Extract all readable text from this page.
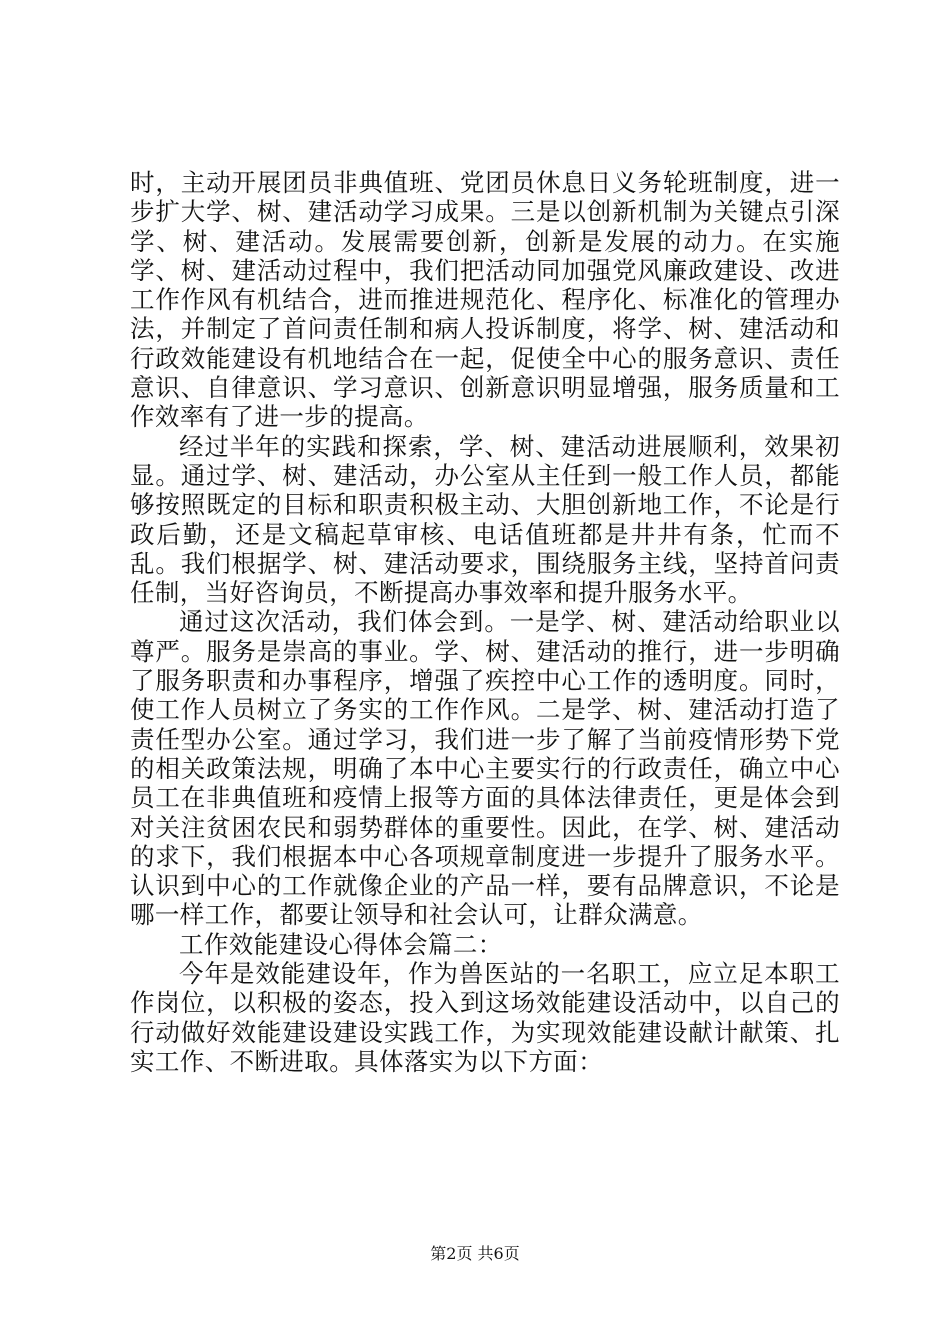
时，主动开展团员非典值班、党团员休息日义务轮班制度，进一步扩大学、树、建活动学习成果。三是以创新机制为关键点引深学、树、建活动。发展需要创新，创新是发展的动力。在实施学、树、建活动过程中，我们把活动同加强党风廉政建设、改进工作作风有机结合，进而推进规范化、程序化、标准化的管理办法，并制定了首问责任制和病人投诉制度，将学、树、建活动和行政效能建设有机地结合在一起，促使全中心的服务意识、责任意识、自律意识、学习意识、创新意识明显增强，服务质量和工作效率有了进一步的提高。

经过半年的实践和探索，学、树、建活动进展顺利，效果初显。通过学、树、建活动，办公室从主任到一般工作人员，都能够按照既定的目标和职责积极主动、大胆创新地工作，不论是行政后勤，还是文稿起草审核、电话值班都是井井有条，忙而不乱。我们根据学、树、建活动要求，围绕服务主线，坚持首问责任制，当好咨询员，不断提高办事效率和提升服务水平。

通过这次活动，我们体会到。一是学、树、建活动给职业以尊严。服务是崇高的事业。学、树、建活动的推行，进一步明确了服务职责和办事程序，增强了疾控中心工作的透明度。同时，使工作人员树立了务实的工作作风。二是学、树、建活动打造了责任型办公室。通过学习，我们进一步了解了当前疫情形势下党的相关政策法规，明确了本中心主要实行的行政责任，确立中心员工在非典值班和疫情上报等方面的具体法律责任，更是体会到对关注贫困农民和弱势群体的重要性。因此，在学、树、建活动的求下，我们根据本中心各项规章制度进一步提升了服务水平。认识到中心的工作就像企业的产品一样，要有品牌意识，不论是哪一样工作，都要让领导和社会认可，让群众满意。

工作效能建设心得体会篇二：

今年是效能建设年，作为兽医站的一名职工，应立足本职工作岗位，以积极的姿态，投入到这场效能建设活动中，以自己的行动做好效能建设建设实践工作，为实现效能建设献计献策、扎实工作、不断进取。具体落实为以下方面：

第2页 共6页
